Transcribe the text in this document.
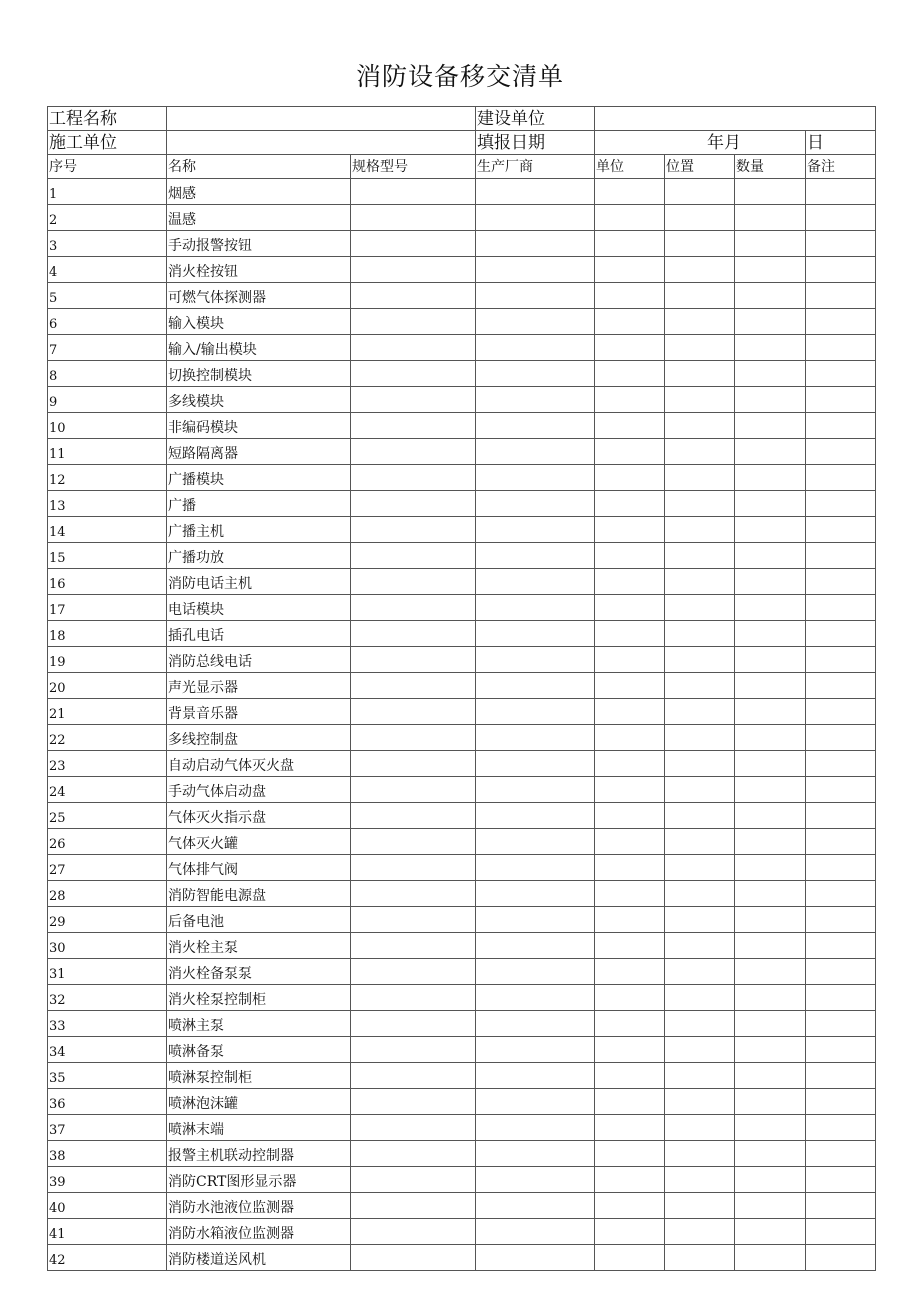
消防设备移交清单
工程名称			建设单位				
施工单位			填报日期	年月			日
序号	名称	规格型号	生产厂商	单位	位置	数量	备注
1	烟感						
2	温感						
3	手动报警按钮						
4	消火栓按钮						
5	可燃气体探测器						
6	输入模块						
7	输入/输出模块						
8	切换控制模块						
9	多线模块						
10	非编码模块						
11	短路隔离器						
12	广播模块						
13	广播						
14	广播主机						
15	广播功放						
16	消防电话主机						
17	电话模块						
18	插孔电话						
19	消防总线电话						
20	声光显示器						
21	背景音乐器						
22	多线控制盘						
23	自动启动气体灭火盘						
24	手动气体启动盘						
25	气体灭火指示盘						
26	气体灭火罐						
27	气体排气阀						
28	消防智能电源盘						
29	后备电池						
30	消火栓主泵						
31	消火栓备泵泵						
32	消火栓泵控制柜						
33	喷淋主泵						
34	喷淋备泵						
35	喷淋泵控制柜						
36	喷淋泡沫罐						
37	喷淋末端						
38	报警主机联动控制器						
39	消防CRT图形显示器						
40	消防水池液位监测器						
41	消防水箱液位监测器						
42	消防楼道送风机						
